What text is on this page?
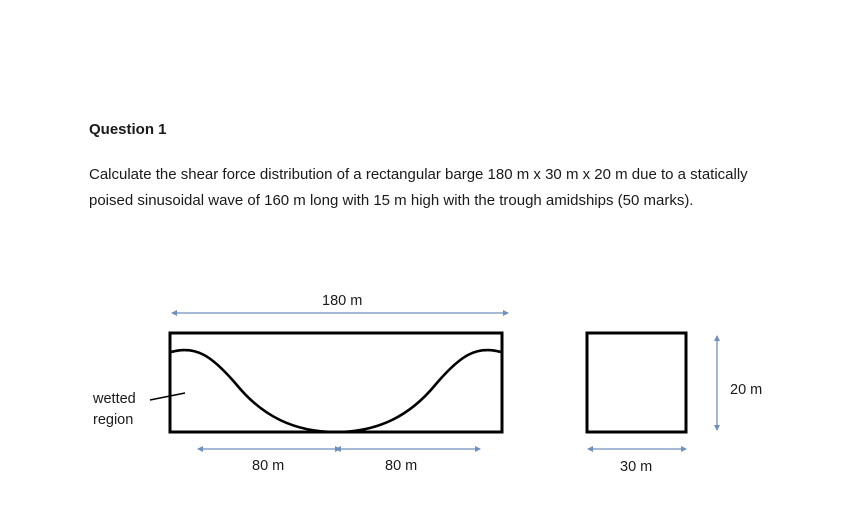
Question 1

Calculate the shear force distribution of a rectangular barge 180 m x 30 m x 20 m due to a statically poised sinusoidal wave of 160 m long with 15 m high with the trough amidships (50 marks).

180 m
wetted
region
80 m	80 m
20 m
30 m
